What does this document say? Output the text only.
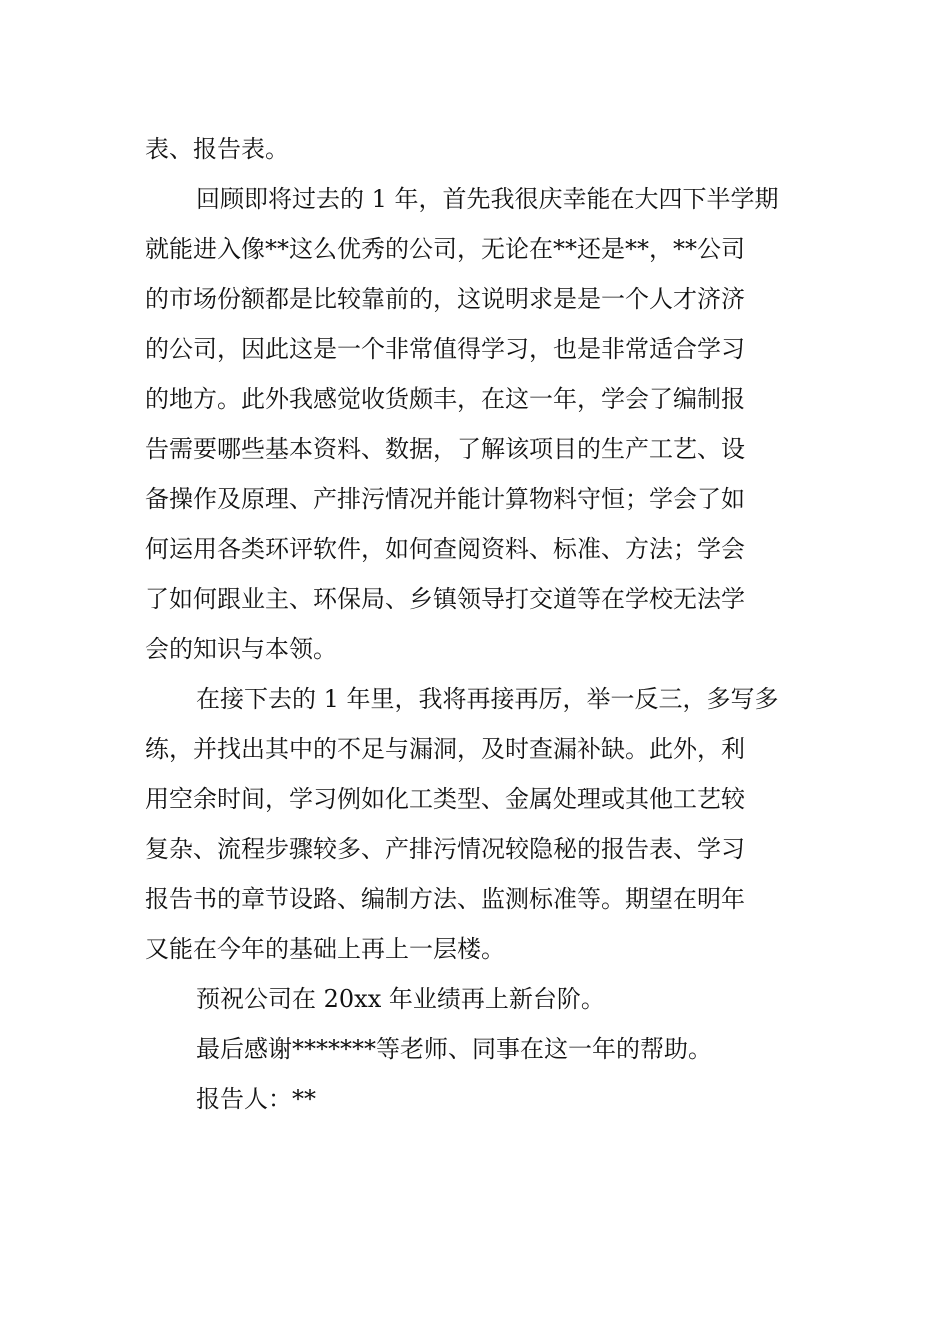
表、报告表。
回顾即将过去的 1 年，首先我很庆幸能在大四下半学期
就能进入像**这么优秀的公司，无论在**还是**，**公司
的市场份额都是比较靠前的，这说明求是是一个人才济济
的公司，因此这是一个非常值得学习，也是非常适合学习
的地方。此外我感觉收货颇丰，在这一年，学会了编制报
告需要哪些基本资料、数据，了解该项目的生产工艺、设
备操作及原理、产排污情况并能计算物料守恒；学会了如
何运用各类环评软件，如何查阅资料、标准、方法；学会
了如何跟业主、环保局、乡镇领导打交道等在学校无法学
会的知识与本领。
在接下去的 1 年里，我将再接再厉，举一反三，多写多
练，并找出其中的不足与漏洞，及时查漏补缺。此外，利
用空余时间，学习例如化工类型、金属处理或其他工艺较
复杂、流程步骤较多、产排污情况较隐秘的报告表、学习
报告书的章节设路、编制方法、监测标准等。期望在明年
又能在今年的基础上再上一层楼。
预祝公司在 20xx 年业绩再上新台阶。
最后感谢*******等老师、同事在这一年的帮助。
报告人：**
